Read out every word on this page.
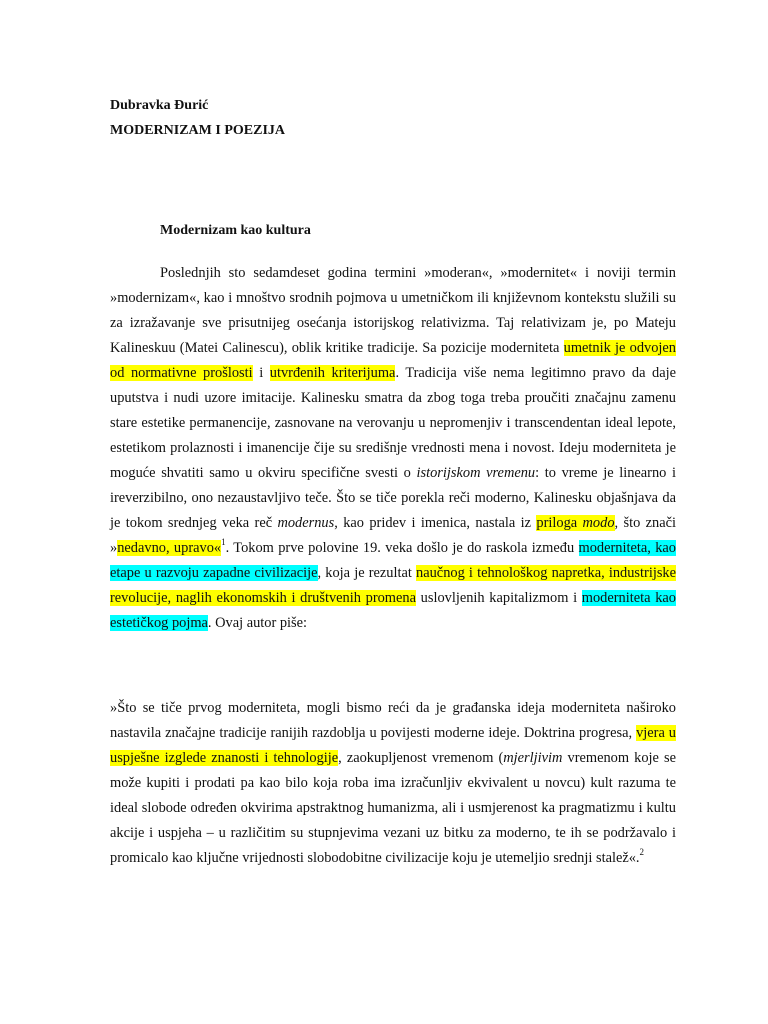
Dubravka Đurić

MODERNIZAM I POEZIJA

Modernizam kao kultura

Poslednjih sto sedamdeset godina termini »moderan«, »modernitet« i noviji termin »modernizam«, kao i mnoštvo srodnih pojmova u umetničkom ili književnom kontekstu služili su za izražavanje sve prisutnijeg osećanja istorijskog relativizma. Taj relativizam je, po Mateju Kalineskuu (Matei Calinescu), oblik kritike tradicije. Sa pozicije moderniteta umetnik je odvojen od normativne prošlosti i utvrđenih kriterijuma. Tradicija više nema legitimno pravo da daje uputstva i nudi uzore imitacije. Kalinesku smatra da zbog toga treba proučiti značajnu zamenu stare estetike permanencije, zasnovane na verovanju u nepromenjiv i transcendentan ideal lepote, estetikom prolaznosti i imanencije čije su središnje vrednosti mena i novost. Ideju moderniteta je moguće shvatiti samo u okviru specifične svesti o istorijskom vremenu: to vreme je linearno i ireverzibilno, ono nezaustavljivo teče. Što se tiče porekla reči moderno, Kalinesku objašnjava da je tokom srednjeg veka reč modernus, kao pridev i imenica, nastala iz priloga modo, što znači »nedavno, upravo«$^1$. Tokom prve polovine 19. veka došlo je do raskola između moderniteta, kao etape u razvoju zapadne civilizacije, koja je rezultat naučnog i tehnološkog napretka, industrijske revolucije, naglih ekonomskih i društvenih promena uslovljenih kapitalizmom i moderniteta kao estetičkog pojma. Ovaj autor piše:

»Što se tiče prvog moderniteta, mogli bismo reći da je građanska ideja moderniteta naširoko nastavila značajne tradicije ranijih razdoblja u povijesti moderne ideje. Doktrina progresa, vjera u uspješne izglede znanosti i tehnologije, zaokupljenost vremenom (mjerljivim vremenom koje se može kupiti i prodati pa kao bilo koja roba ima izračunljiv ekvivalent u novcu) kult razuma te ideal slobode određen okvirima apstraktnog humanizma, ali i usmjerenost ka pragmatizmu i kultu akcije i uspjeha – u različitim su stupnjevima vezani uz bitku za moderno, te ih se podržavalo i promicalo kao ključne vrijednosti slobodobitne civilizacije koju je utemeljio srednji stalež«.$^2$
